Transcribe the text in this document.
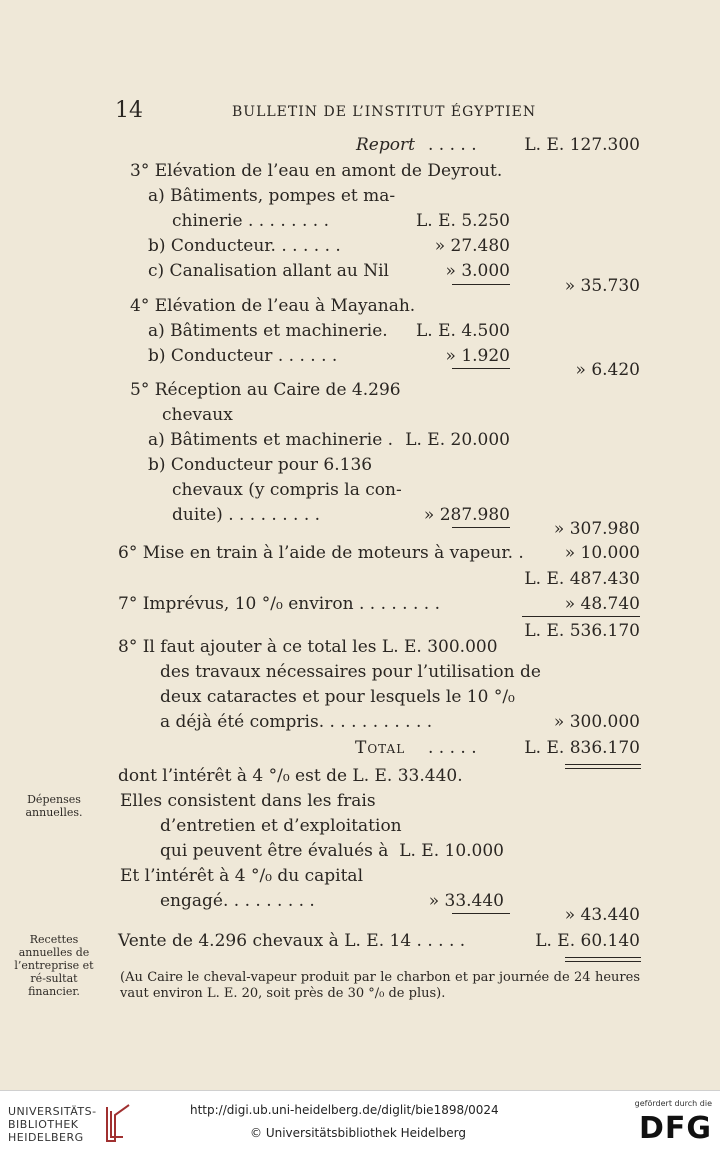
14	BULLETIN DE L’INSTITUT ÉGYPTIEN
Report . . . . .	L. E. 127.300
3° Elévation de l’eau en amont de Deyrout.
a) Bâtiments, pompes et ma-
chinerie . . . . . . . .	L. E. 5.250
b) Conducteur. . . . . . .	» 27.480
c) Canalisation allant au Nil	» 3.000
» 35.730
4° Elévation de l’eau à Mayanah.
a) Bâtiments et machinerie. L. E. 4.500
b) Conducteur . . . . . .	» 1.920
» 6.420
5° Réception au Caire de 4.296
chevaux
a) Bâtiments et machinerie . L. E. 20.000
b) Conducteur pour 6.136
chevaux (y compris la con-
duite) . . . . . . . . .	» 287.980
» 307.980
6° Mise en train à l’aide de moteurs à vapeur. . » 10.000
L. E. 487.430
7° Imprévus, 10 °/₀ environ . . . . . . . .	» 48.740
L. E. 536.170
8° Il faut ajouter à ce total les L. E. 300.000
des travaux nécessaires pour l’utilisation de
deux cataractes et pour lesquels le 10 °/₀
a déjà été compris. . . . . . . . . . .	» 300.000
Total . . . . .	L. E. 836.170
dont l’intérêt à 4 °/₀ est de L. E. 33.440.
Elles consistent dans les frais
d’entretien et d’exploitation
qui peuvent être évalués à L. E. 10.000
Et l’intérêt à 4 °/₀ du capital
engagé. . . . . . . . .	» 33.440
» 43.440
Vente de 4.296 chevaux à L. E. 14 . . . . .	L. E. 60.140
Dépenses annuelles.
Recettes annuelles de l’entreprise et ré-sultat financier.
(Au Caire le cheval-vapeur produit par le charbon et par journée de 24 heures vaut environ L. E. 20, soit près de 30 °/₀ de plus).
UNIVERSITÄTS-
BIBLIOTHEK
HEIDELBERG
http://digi.ub.uni-heidelberg.de/diglit/bie1898/0024
© Universitätsbibliothek Heidelberg
gefördert durch die
DFG
